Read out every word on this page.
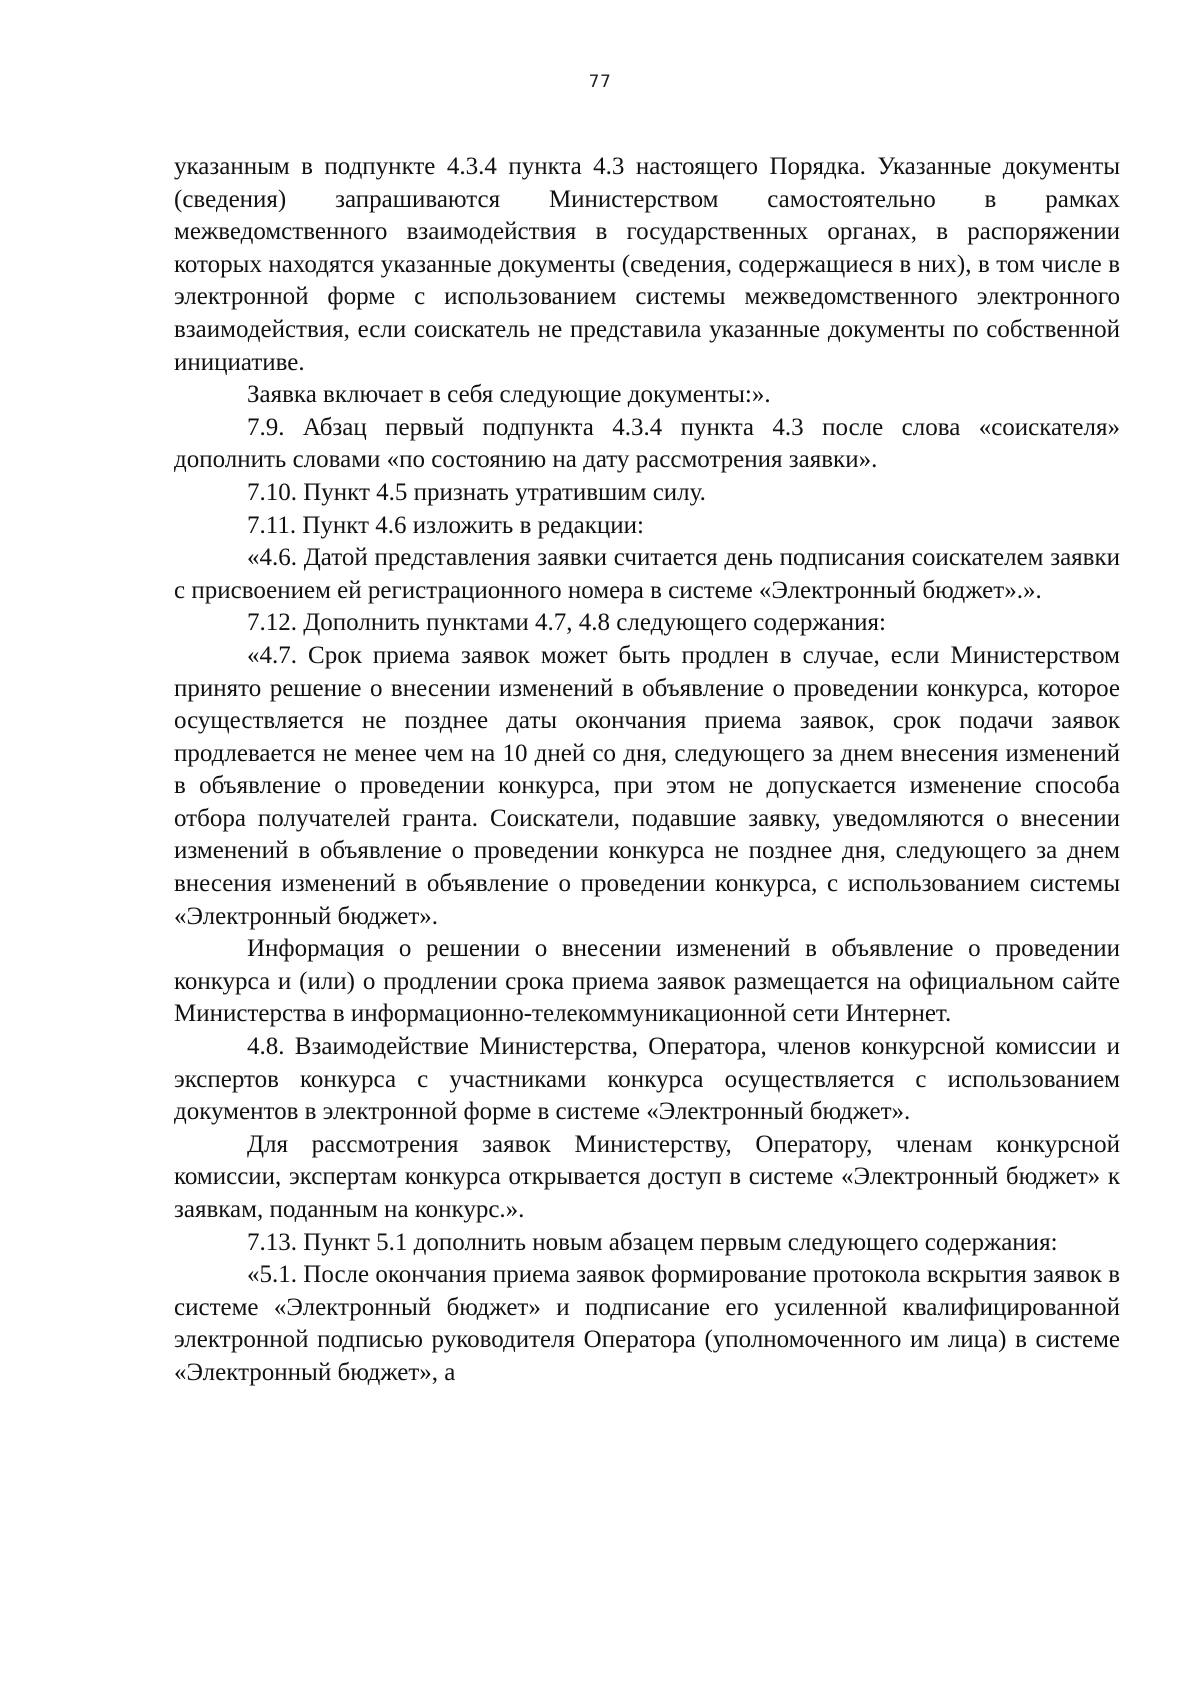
77

указанным в подпункте 4.3.4 пункта 4.3 настоящего Порядка. Указанные документы (сведения) запрашиваются Министерством самостоятельно в рамках межведомственного взаимодействия в государственных органах, в распоряжении которых находятся указанные документы (сведения, содержащиеся в них), в том числе в электронной форме с использованием системы межведомственного электронного взаимодействия, если соискатель не представила указанные документы по собственной инициативе.

Заявка включает в себя следующие документы:».

7.9. Абзац первый подпункта 4.3.4 пункта 4.3 после слова «соискателя» дополнить словами «по состоянию на дату рассмотрения заявки».

7.10. Пункт 4.5 признать утратившим силу.

7.11. Пункт 4.6 изложить в редакции:

«4.6. Датой представления заявки считается день подписания соискателем заявки с присвоением ей регистрационного номера в системе «Электронный бюджет».».

7.12. Дополнить пунктами 4.7, 4.8 следующего содержания:

«4.7. Срок приема заявок может быть продлен в случае, если Министерством принято решение о внесении изменений в объявление о проведении конкурса, которое осуществляется не позднее даты окончания приема заявок, срок подачи заявок продлевается не менее чем на 10 дней со дня, следующего за днем внесения изменений в объявление о проведении конкурса, при этом не допускается изменение способа отбора получателей гранта. Соискатели, подавшие заявку, уведомляются о внесении изменений в объявление о проведении конкурса не позднее дня, следующего за днем внесения изменений в объявление о проведении конкурса, с использованием системы «Электронный бюджет».

Информация о решении о внесении изменений в объявление о проведении конкурса и (или) о продлении срока приема заявок размещается на официальном сайте Министерства в информационно-телекоммуникационной сети Интернет.

4.8. Взаимодействие Министерства, Оператора, членов конкурсной комиссии и экспертов конкурса с участниками конкурса осуществляется с использованием документов в электронной форме в системе «Электронный бюджет».

Для рассмотрения заявок Министерству, Оператору, членам конкурсной комиссии, экспертам конкурса открывается доступ в системе «Электронный бюджет» к заявкам, поданным на конкурс.».

7.13. Пункт 5.1 дополнить новым абзацем первым следующего содержания:

«5.1. После окончания приема заявок формирование протокола вскрытия заявок в системе «Электронный бюджет» и подписание его усиленной квалифицированной электронной подписью руководителя Оператора (уполномоченного им лица) в системе «Электронный бюджет», а
